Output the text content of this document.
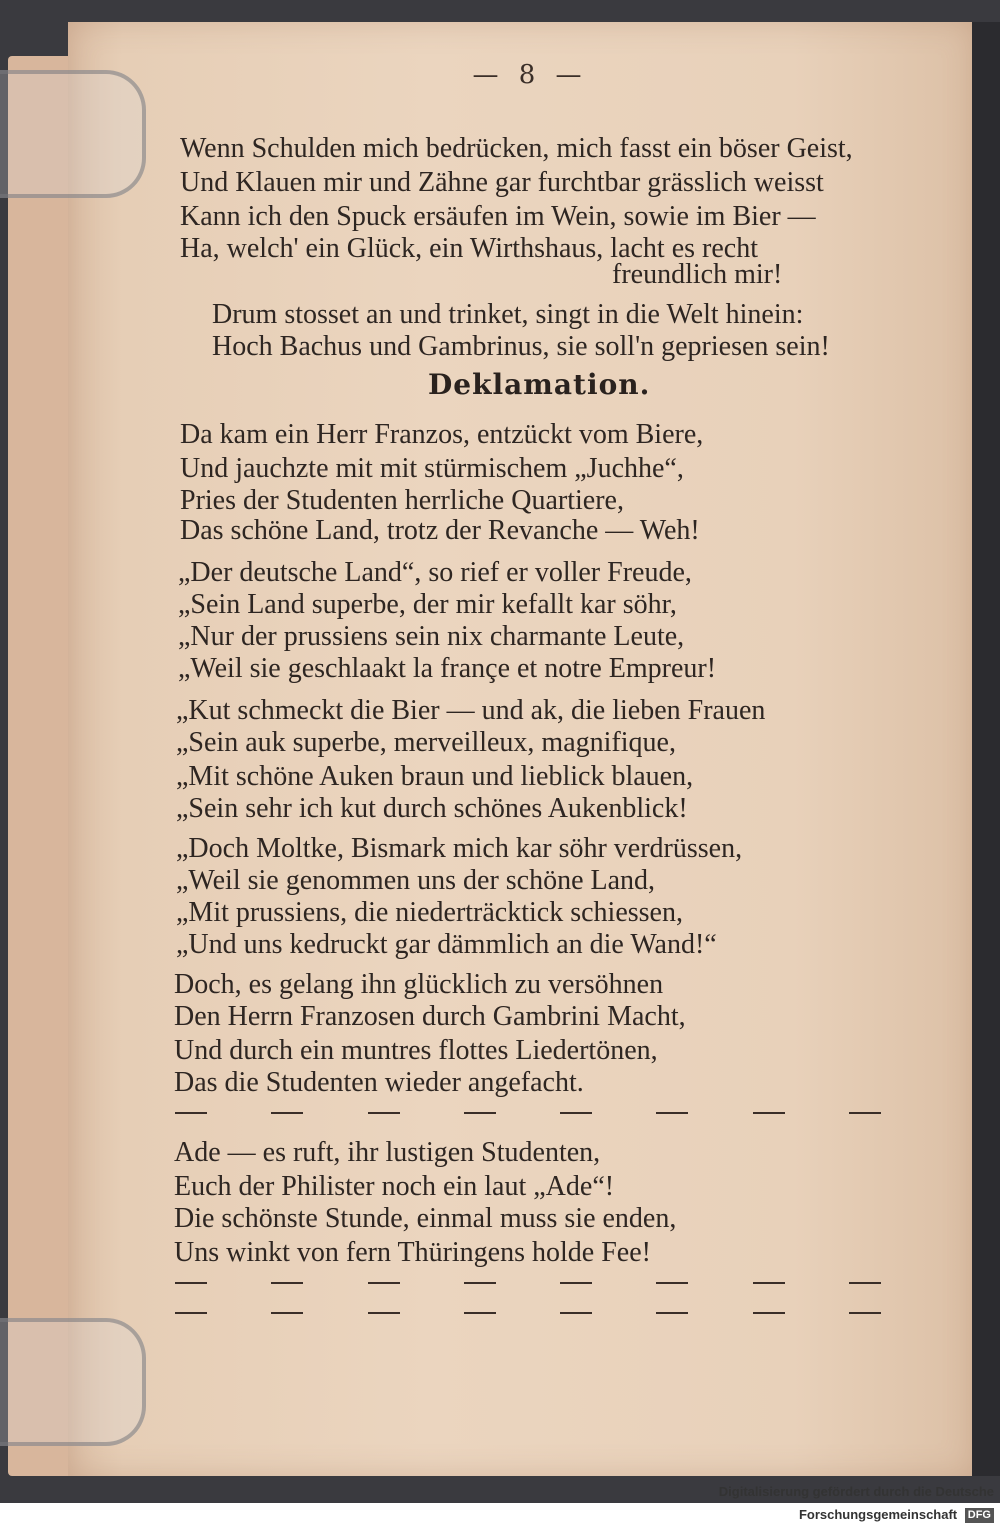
— 8 —
Wenn Schulden mich bedrücken, mich fasst ein böser Geist,
Und Klauen mir und Zähne gar furchtbar grässlich weisst
Kann ich den Spuck ersäufen im Wein, sowie im Bier —
Ha, welch' ein Glück, ein Wirthshaus, lacht es recht
freundlich mir!
Drum stosset an und trinket, singt in die Welt hinein:
Hoch Bachus und Gambrinus, sie soll'n gepriesen sein!
Deklamation.
Da kam ein Herr Franzos, entzückt vom Biere,
Und jauchzte mit mit stürmischem „Juchhe“,
Pries der Studenten herrliche Quartiere,
Das schöne Land, trotz der Revanche — Weh!
„Der deutsche Land“, so rief er voller Freude,
„Sein Land superbe, der mir kefallt kar söhr,
„Nur der prussiens sein nix charmante Leute,
„Weil sie geschlaakt la françe et notre Empreur!
„Kut schmeckt die Bier — und ak, die lieben Frauen
„Sein auk superbe, merveilleux, magnifique,
„Mit schöne Auken braun und lieblick blauen,
„Sein sehr ich kut durch schönes Aukenblick!
„Doch Moltke, Bismark mich kar söhr verdrüssen,
„Weil sie genommen uns der schöne Land,
„Mit prussiens, die niederträcktick schiessen,
„Und uns kedruckt gar dämmlich an die Wand!“
Doch, es gelang ihn glücklich zu versöhnen
Den Herrn Franzosen durch Gambrini Macht,
Und durch ein muntres flottes Liedertönen,
Das die Studenten wieder angefacht.
Ade — es ruft, ihr lustigen Studenten,
Euch der Philister noch ein laut „Ade“!
Die schönste Stunde, einmal muss sie enden,
Uns winkt von fern Thüringens holde Fee!
Digitalisierung gefördert durch die Deutsche Forschungsgemeinschaft DFG
